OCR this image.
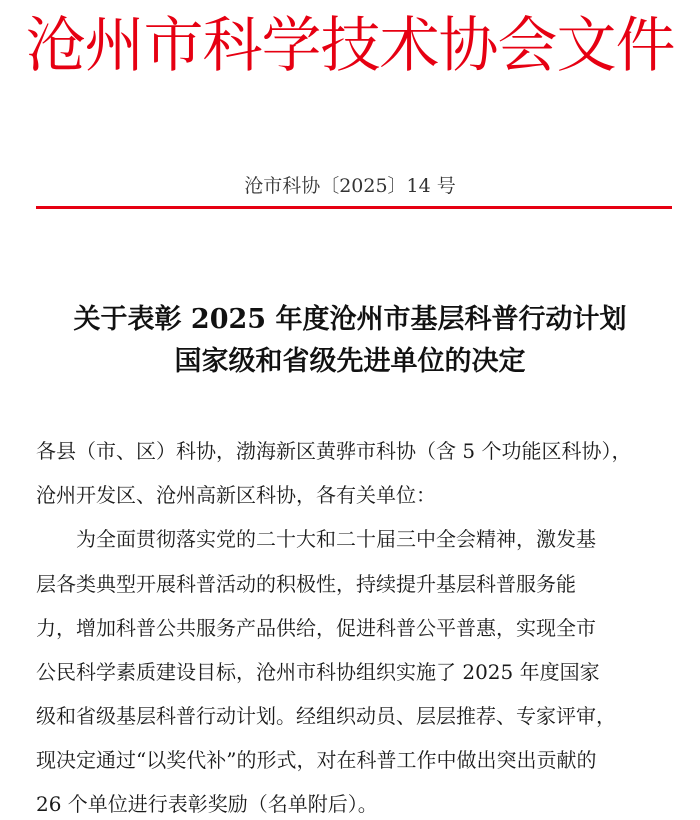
沧州市科学技术协会文件
沧市科协〔2025〕14 号
关于表彰 2025 年度沧州市基层科普行动计划
国家级和省级先进单位的决定
各县（市、区）科协，渤海新区黄骅市科协（含 5 个功能区科协），
沧州开发区、沧州高新区科协，各有关单位：
　　为全面贯彻落实党的二十大和二十届三中全会精神，激发基
层各类典型开展科普活动的积极性，持续提升基层科普服务能
力，增加科普公共服务产品供给，促进科普公平普惠，实现全市
公民科学素质建设目标，沧州市科协组织实施了 2025 年度国家
级和省级基层科普行动计划。经组织动员、层层推荐、专家评审，
现决定通过“以奖代补”的形式，对在科普工作中做出突出贡献的
26 个单位进行表彰奖励（名单附后）。
